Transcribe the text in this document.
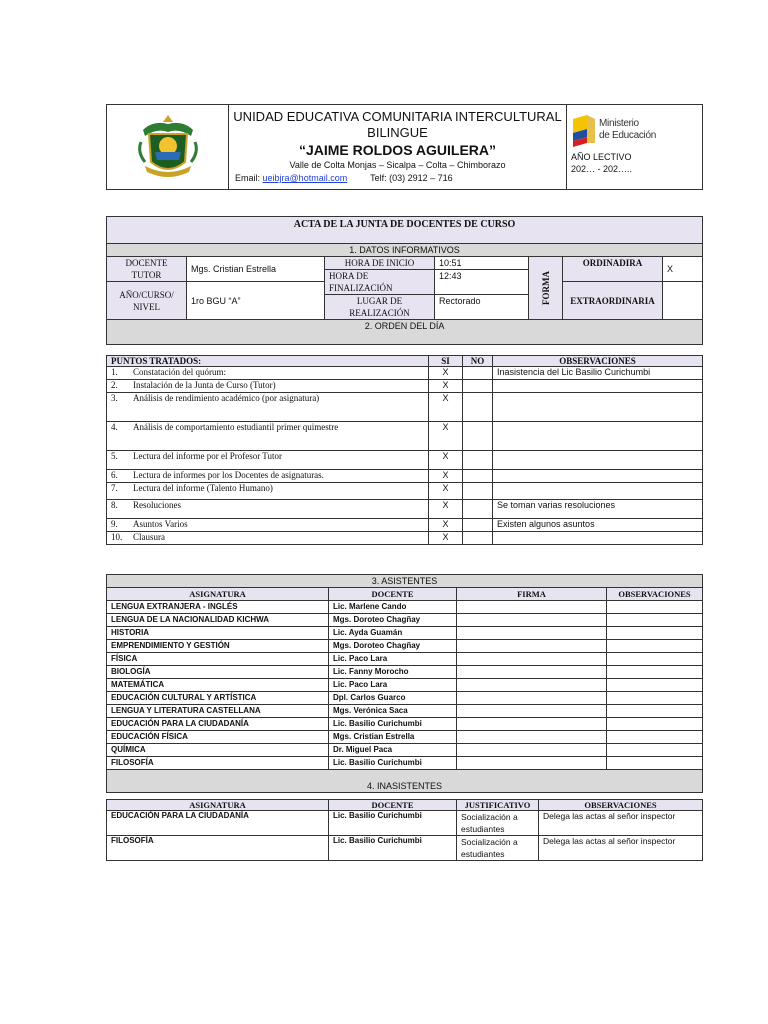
UNIDAD EDUCATIVA COMUNITARIA INTERCULTURAL
BILINGUE
“JAIME ROLDOS AGUILERA”
Valle de Colta Monjas – Sicalpa – Colta – Chimborazo
Email: ueibjra@hotmail.com	Telf: (03) 2912 – 716

Ministerio
de Educación
AÑO LECTIVO
202… - 202…..
ACTA DE LA JUNTA DE DOCENTES DE CURSO						
1. DATOS INFORMATIVOS						
DOCENTE TUTOR	Mgs. Cristian Estrella	HORA DE INICIO	10:51	FORMA	ORDINADIRA	X
		HORA DE FINALIZACIÓN	12:43			
AÑO/CURSO/ NIVEL	1ro BGU “A”				EXTRAORDINARIA	
		LUGAR DE REALIZACIÓN	Rectorado			
2. ORDEN DEL DÍA						
PUNTOS TRATADOS:	SI	NO	OBSERVACIONES
1. Constatación del quórum:	X		Inasistencia del Lic Basilio Curichumbi
2. Instalación de la Junta de Curso (Tutor)	X		
3. Análisis de rendimiento académico (por asignatura)	X		
4. Análisis de comportamiento estudiantil primer quimestre	X		
5. Lectura del informe por el Profesor Tutor	X		
6. Lectura de informes por los Docentes de asignaturas.	X		
7. Lectura del informe (Talento Humano)	X		
8. Resoluciones	X		Se toman varias resoluciones
9. Asuntos Varios	X		Existen algunos asuntos
10. Clausura	X		
3. ASISTENTES			
ASIGNATURA	DOCENTE	FIRMA	OBSERVACIONES
LENGUA EXTRANJERA - INGLÉS	Lic. Marlene Cando		
LENGUA DE LA NACIONALIDAD KICHWA	Mgs. Doroteo Chagñay		
HISTORIA	Lic. Ayda Guamán		
EMPRENDIMIENTO Y GESTIÓN	Mgs. Doroteo Chagñay		
FÍSICA	Lic. Paco Lara		
BIOLOGÍA	Lic. Fanny Morocho		
MATEMÁTICA	Lic. Paco Lara		
EDUCACIÓN CULTURAL Y ARTÍSTICA	Dpl. Carlos Guarco		
LENGUA Y LITERATURA CASTELLANA	Mgs. Verónica Saca		
EDUCACIÓN PARA LA CIUDADANÍA	Lic. Basilio Curichumbi		
EDUCACIÓN FÍSICA	Mgs. Cristian Estrella		
QUÍMICA	Dr. Miguel Paca		
FILOSOFÍA	Lic. Basilio Curichumbi		
4. INASISTENTES			
ASIGNATURA	DOCENTE	JUSTIFICATIVO	OBSERVACIONES
EDUCACIÓN PARA LA CIUDADANÍA	Lic. Basilio Curichumbi	Socialización a estudiantes	Delega las actas al señor inspector
FILOSOFÍA	Lic. Basilio Curichumbi	Socialización a estudiantes	Delega las actas al señor inspector
